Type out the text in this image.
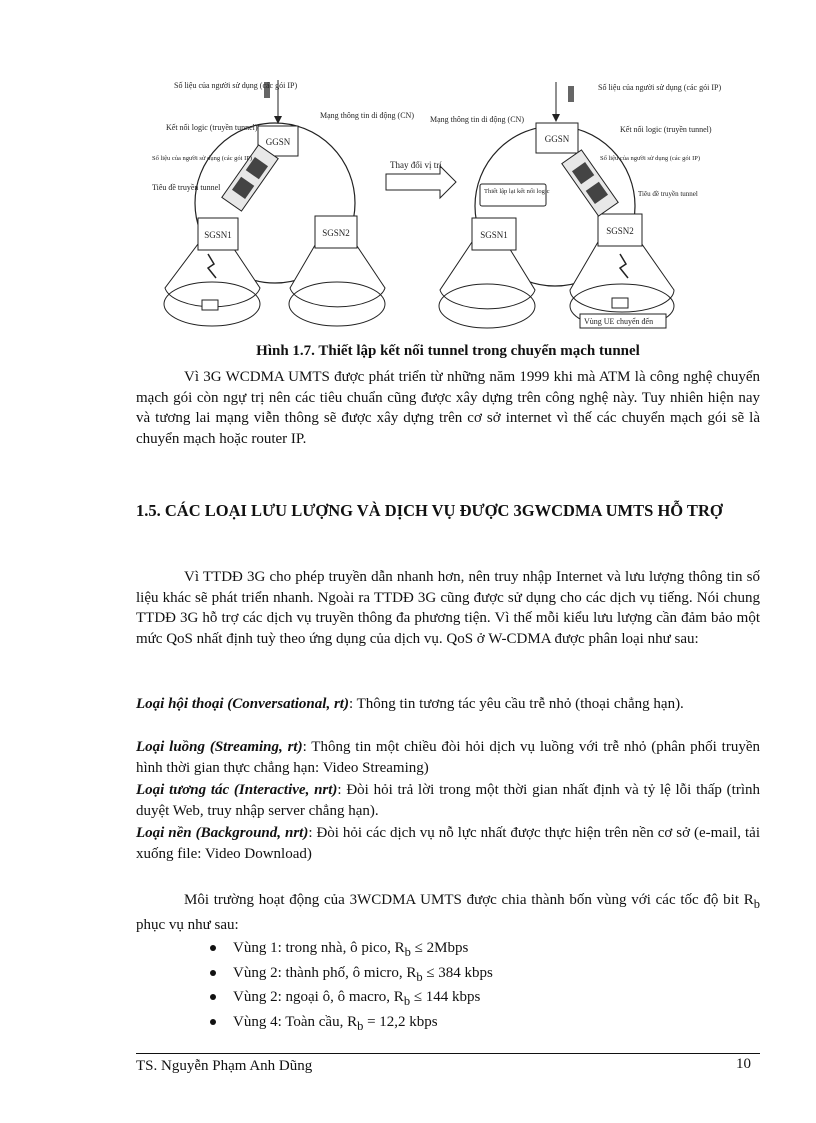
GGSN
SGSN1	SGSN2
Số liệu của người sử dụng (các gói IP)
Mạng thông tin di động (CN)
Kết nối logic (truyền tunnel)
Số liệu của người sử dụng (các gói IP)
Tiêu đề truyền tunnel
Thay đổi vị trí
GGSN
SGSN1	SGSN2
Thiết lập lại kết nối logic
Vùng UE chuyển đến
Số liệu của người sử dụng (các gói IP)
Mạng thông tin di động (CN)
Kết nối logic (truyền tunnel)
Số liệu của người sử dụng (các gói IP)
Tiêu đề truyền tunnel
Hình 1.7. Thiết lập kết nối tunnel trong chuyển mạch tunnel
Vì 3G WCDMA UMTS được phát triển từ những năm 1999 khi mà ATM là công nghệ chuyển mạch gói còn ngự trị nên các tiêu chuẩn cũng được xây dựng trên công nghệ này. Tuy nhiên hiện nay và tương lai mạng viễn thông sẽ được xây dựng trên cơ sở internet vì thế các chuyển mạch gói sẽ là chuyển mạch hoặc router IP.
1.5. CÁC LOẠI LƯU LƯỢNG VÀ DỊCH VỤ ĐƯỢC 3GWCDMA UMTS HỖ TRỢ
Vì TTDĐ 3G cho phép truyền dẫn nhanh hơn, nên truy nhập Internet và lưu lượng thông tin số liệu khác sẽ phát triển nhanh. Ngoài ra TTDĐ 3G cũng được sử dụng cho các dịch vụ tiếng. Nói chung TTDĐ 3G hỗ trợ các dịch vụ truyền thông đa phương tiện. Vì thế mỗi kiểu lưu lượng cần đảm bảo một mức QoS nhất định tuỳ theo ứng dụng của dịch vụ. QoS ở W-CDMA được phân loại như sau:
Loại hội thoại (Conversational, rt): Thông tin tương tác yêu cầu trễ nhỏ (thoại chẳng hạn).
Loại luồng (Streaming, rt): Thông tin một chiều đòi hỏi dịch vụ luồng với trễ nhỏ (phân phối truyền hình thời gian thực chẳng hạn: Video Streaming)
Loại tương tác (Interactive, nrt): Đòi hỏi trả lời trong một thời gian nhất định và tỷ lệ lỗi thấp (trình duyệt Web, truy nhập server chẳng hạn).
Loại nền (Background, nrt): Đòi hỏi các dịch vụ nỗ lực nhất được thực hiện trên nền cơ sở (e-mail, tải xuống file: Video Download)
Môi trường hoạt động của 3WCDMA UMTS được chia thành bốn vùng với các tốc độ bit $R_b$ phục vụ như sau:
Vùng 1: trong nhà, ô pico, $R_b$ ≤ 2Mbps
Vùng 2: thành phố, ô micro, $R_b \le 384$ kbps
Vùng 2: ngoại ô, ô macro, $R_b \le 144$ kbps
Vùng 4: Toàn cầu, $R_b = 12,2$ kbps
TS. Nguyễn Phạm Anh Dũng	10
